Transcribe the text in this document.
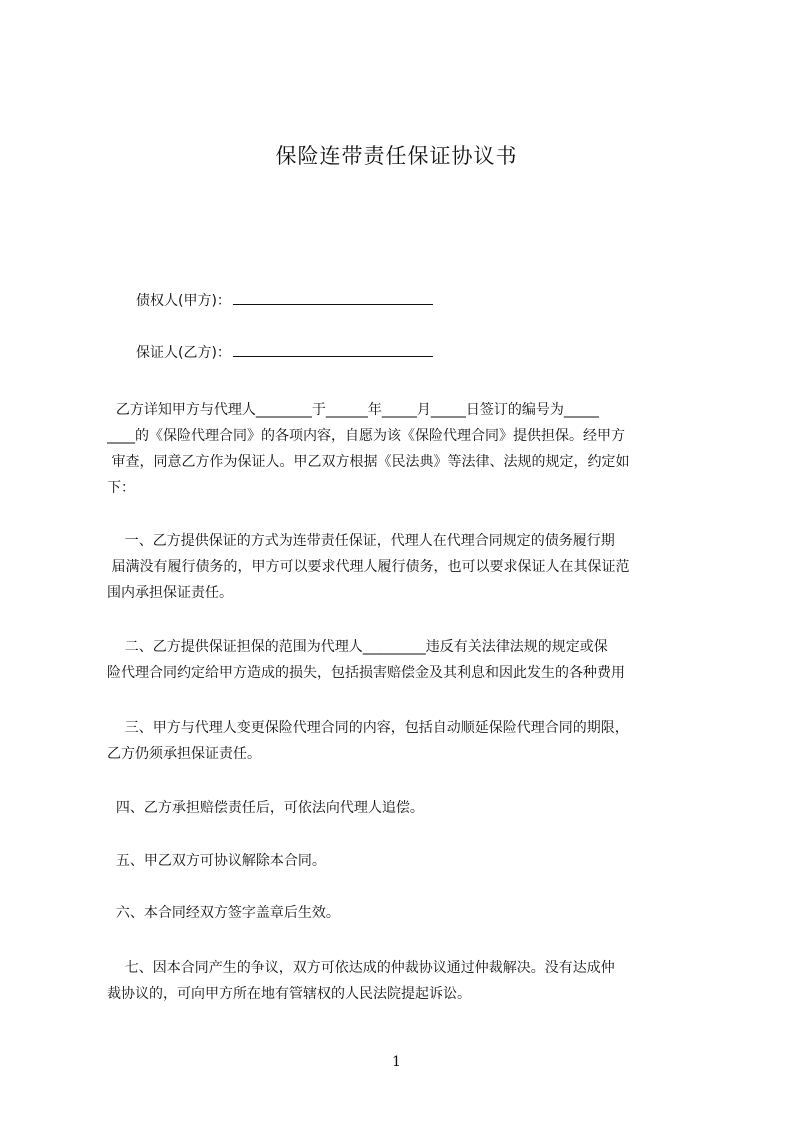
保险连带责任保证协议书
债权人(甲方)：
保证人(乙方)：
乙方详知甲方与代理人________于______年_____月_____日签订的编号为_____
____的《保险代理合同》的各项内容，自愿为该《保险代理合同》提供担保。经甲方
审查，同意乙方作为保证人。甲乙双方根据《民法典》等法律、法规的规定，约定如
下：
一、乙方提供保证的方式为连带责任保证，代理人在代理合同规定的债务履行期
届满没有履行债务的，甲方可以要求代理人履行债务，也可以要求保证人在其保证范
围内承担保证责任。
二、乙方提供保证担保的范围为代理人_________违反有关法律法规的规定或保
险代理合同约定给甲方造成的损失，包括损害赔偿金及其利息和因此发生的各种费用
三、甲方与代理人变更保险代理合同的内容，包括自动顺延保险代理合同的期限，
乙方仍须承担保证责任。
四、乙方承担赔偿责任后，可依法向代理人追偿。
五、甲乙双方可协议解除本合同。
六、本合同经双方签字盖章后生效。
七、因本合同产生的争议，双方可依达成的仲裁协议通过仲裁解决。没有达成仲
裁协议的，可向甲方所在地有管辖权的人民法院提起诉讼。
1
